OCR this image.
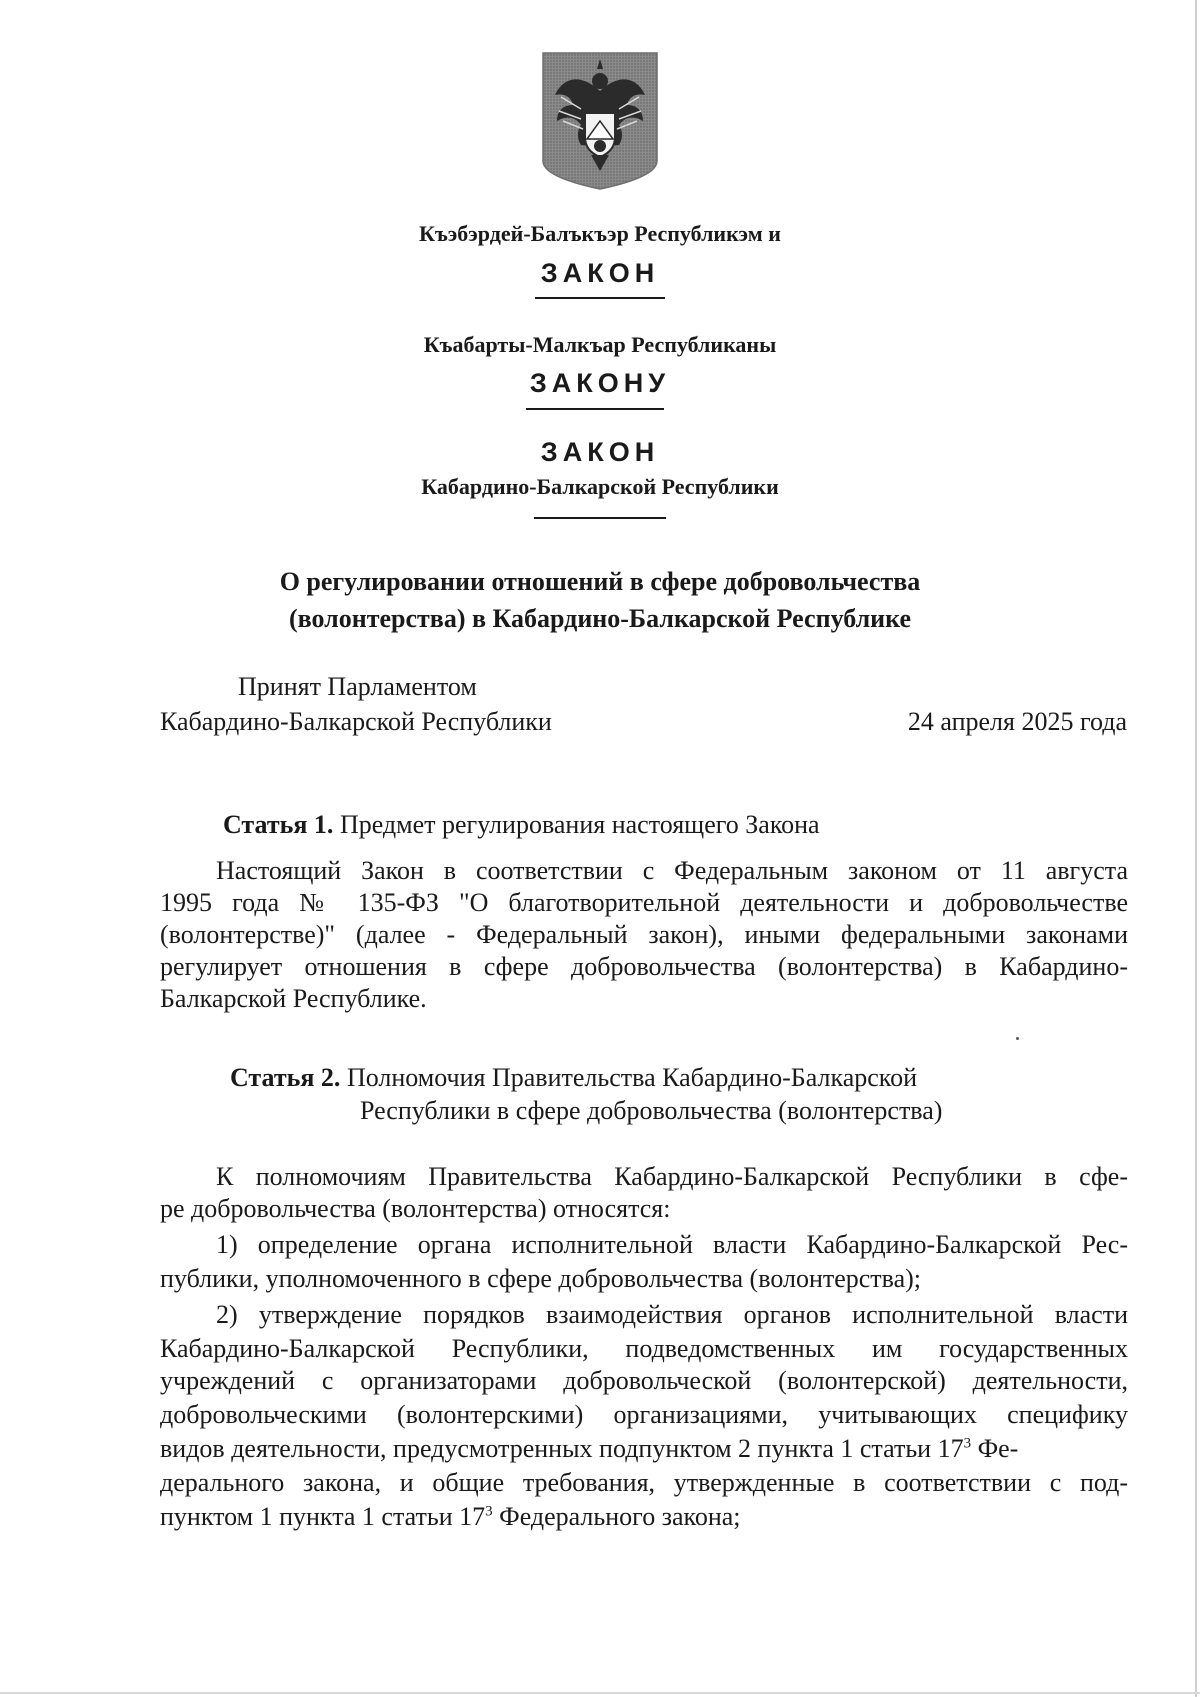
Къэбэрдей-Балъкъэр Республикэм и
ЗАКОН
Къабарты-Малкъар Республиканы
ЗАКОНУ
ЗАКОН
Кабардино-Балкарской Республики
О регулировании отношений в сфере добровольчества
(волонтерства) в Кабардино-Балкарской Республике
Принят Парламентом
Кабардино-Балкарской Республики	24 апреля 2025 года
Статья 1. Предмет регулирования настоящего Закона
Настоящий Закон в соответствии с Федеральным законом от 11 августа
1995 года № 135-ФЗ "О благотворительной деятельности и добровольчестве
(волонтерстве)" (далее - Федеральный закон), иными федеральными законами
регулирует отношения в сфере добровольчества (волонтерства) в Кабардино-
Балкарской Республике.
Статья 2. Полномочия Правительства Кабардино-Балкарской
Республики в сфере добровольчества (волонтерства)
К полномочиям Правительства Кабардино-Балкарской Республики в сфе-
ре добровольчества (волонтерства) относятся:
1) определение органа исполнительной власти Кабардино-Балкарской Рес-
публики, уполномоченного в сфере добровольчества (волонтерства);
2) утверждение порядков взаимодействия органов исполнительной власти
Кабардино-Балкарской Республики, подведомственных им государственных
учреждений с организаторами добровольческой (волонтерской) деятельности,
добровольческими (волонтерскими) организациями, учитывающих специфику
видов деятельности, предусмотренных подпунктом 2 пункта 1 статьи $17^3$ Фе-
дерального закона, и общие требования, утвержденные в соответствии с под-
пунктом 1 пункта 1 статьи $17^3$ Федерального закона;
